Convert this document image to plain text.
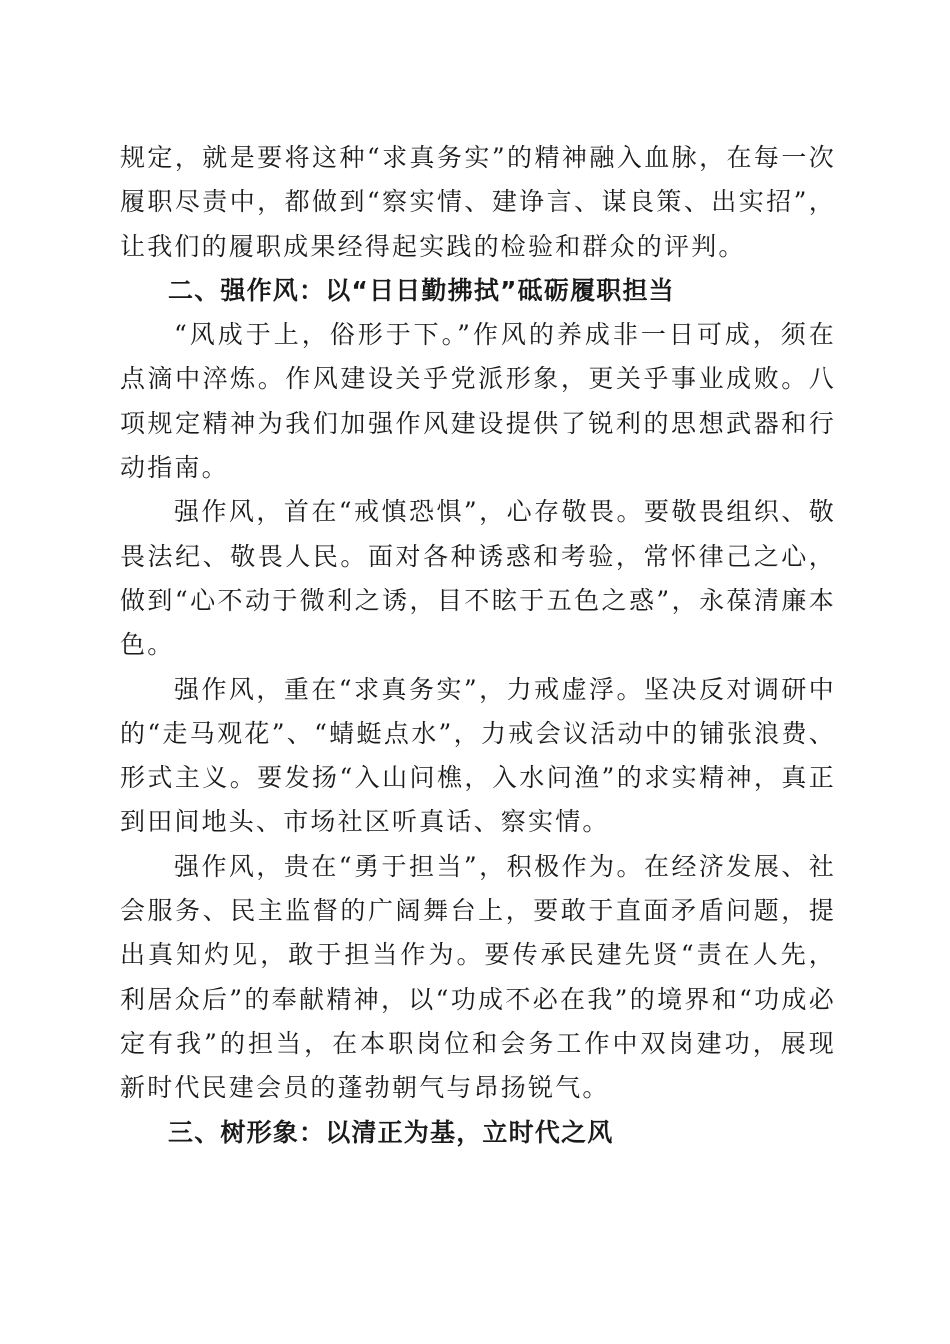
规定，就是要将这种“求真务实”的精神融入血脉，在每一次履职尽责中，都做到“察实情、建诤言、谋良策、出实招”，让我们的履职成果经得起实践的检验和群众的评判。

二、强作风：以“日日勤拂拭”砥砺履职担当

“风成于上，俗形于下。”作风的养成非一日可成，须在点滴中淬炼。作风建设关乎党派形象，更关乎事业成败。八项规定精神为我们加强作风建设提供了锐利的思想武器和行动指南。

强作风，首在“戒慎恐惧”，心存敬畏。要敬畏组织、敬畏法纪、敬畏人民。面对各种诱惑和考验，常怀律己之心，做到“心不动于微利之诱，目不眩于五色之惑”，永葆清廉本色。

强作风，重在“求真务实”，力戒虚浮。坚决反对调研中的“走马观花”、“蜻蜓点水”，力戒会议活动中的铺张浪费、形式主义。要发扬“入山问樵，入水问渔”的求实精神，真正到田间地头、市场社区听真话、察实情。

强作风，贵在“勇于担当”，积极作为。在经济发展、社会服务、民主监督的广阔舞台上，要敢于直面矛盾问题，提出真知灼见，敢于担当作为。要传承民建先贤“责在人先，利居众后”的奉献精神，以“功成不必在我”的境界和“功成必定有我”的担当，在本职岗位和会务工作中双岗建功，展现新时代民建会员的蓬勃朝气与昂扬锐气。

三、树形象：以清正为基，立时代之风
